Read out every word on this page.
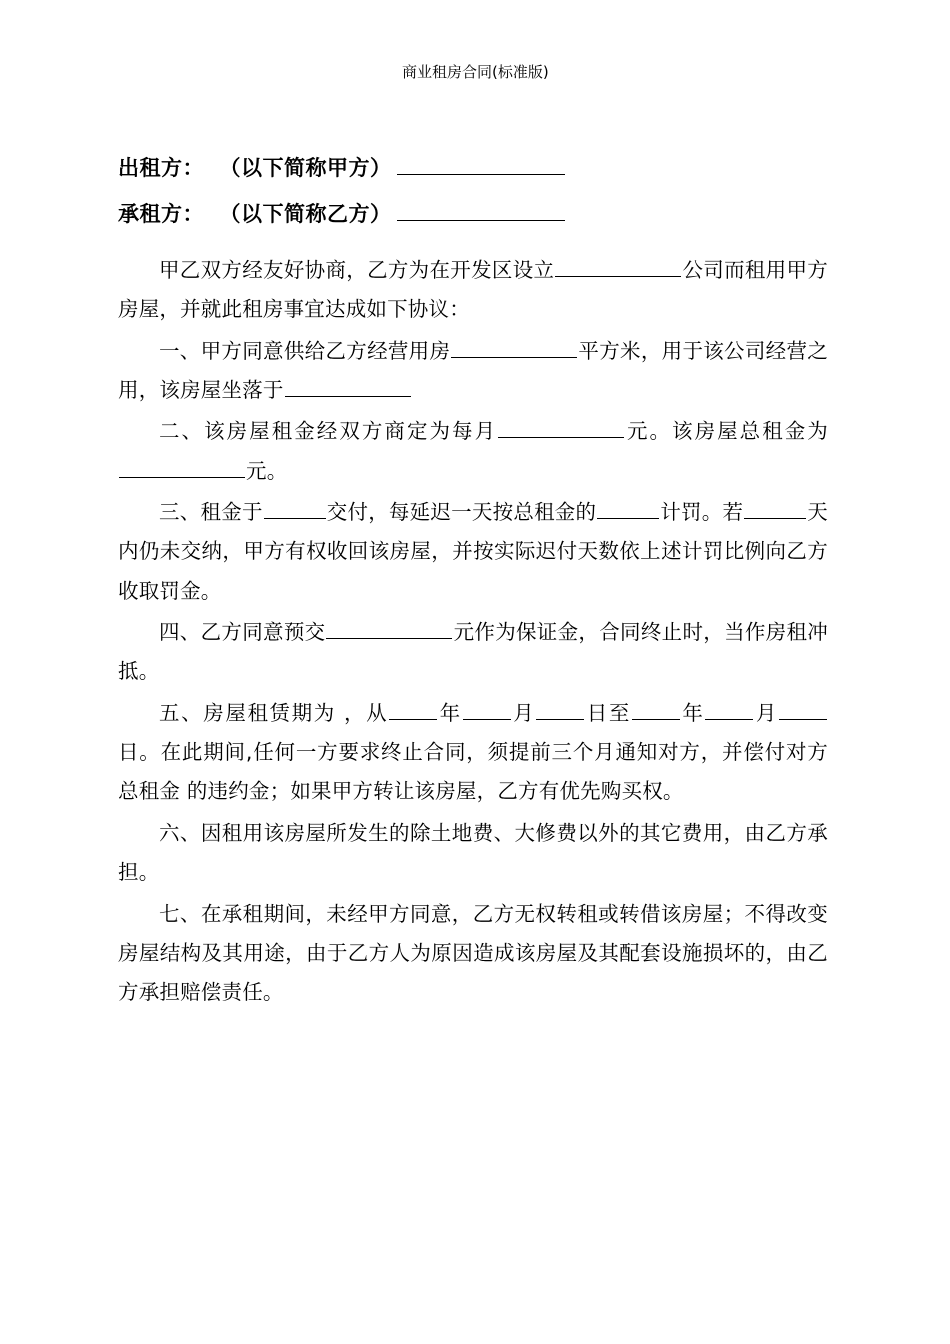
商业租房合同(标准版)
出租方： （以下简称甲方）
承租方： （以下简称乙方）

甲乙双方经友好协商，乙方为在开发区设立	公司而租用甲方房屋，并就此租房事宜达成如下协议：

一、甲方同意供给乙方经营用房	平方米，用于该公司经营之用，该房屋坐落于

二、该房屋租金经双方商定为每月	元。该房屋总租金为元。

三、租金于	交付，每延迟一天按总租金的	计罚。若	天内仍未交纳，甲方有权收回该房屋，并按实际迟付天数依上述计罚比例向乙方收取罚金。

四、乙方同意预交	元作为保证金，合同终止时，当作房租冲抵。

五、房屋租赁期为 ，从 年 月 日至 年 月日。在此期间,任何一方要求终止合同，须提前三个月通知对方，并偿付对方总租金 的违约金；如果甲方转让该房屋，乙方有优先购买权。

六、因租用该房屋所发生的除土地费、大修费以外的其它费用，由乙方承担。

七、在承租期间，未经甲方同意，乙方无权转租或转借该房屋；不得改变房屋结构及其用途，由于乙方人为原因造成该房屋及其配套设施损坏的，由乙方承担赔偿责任。
